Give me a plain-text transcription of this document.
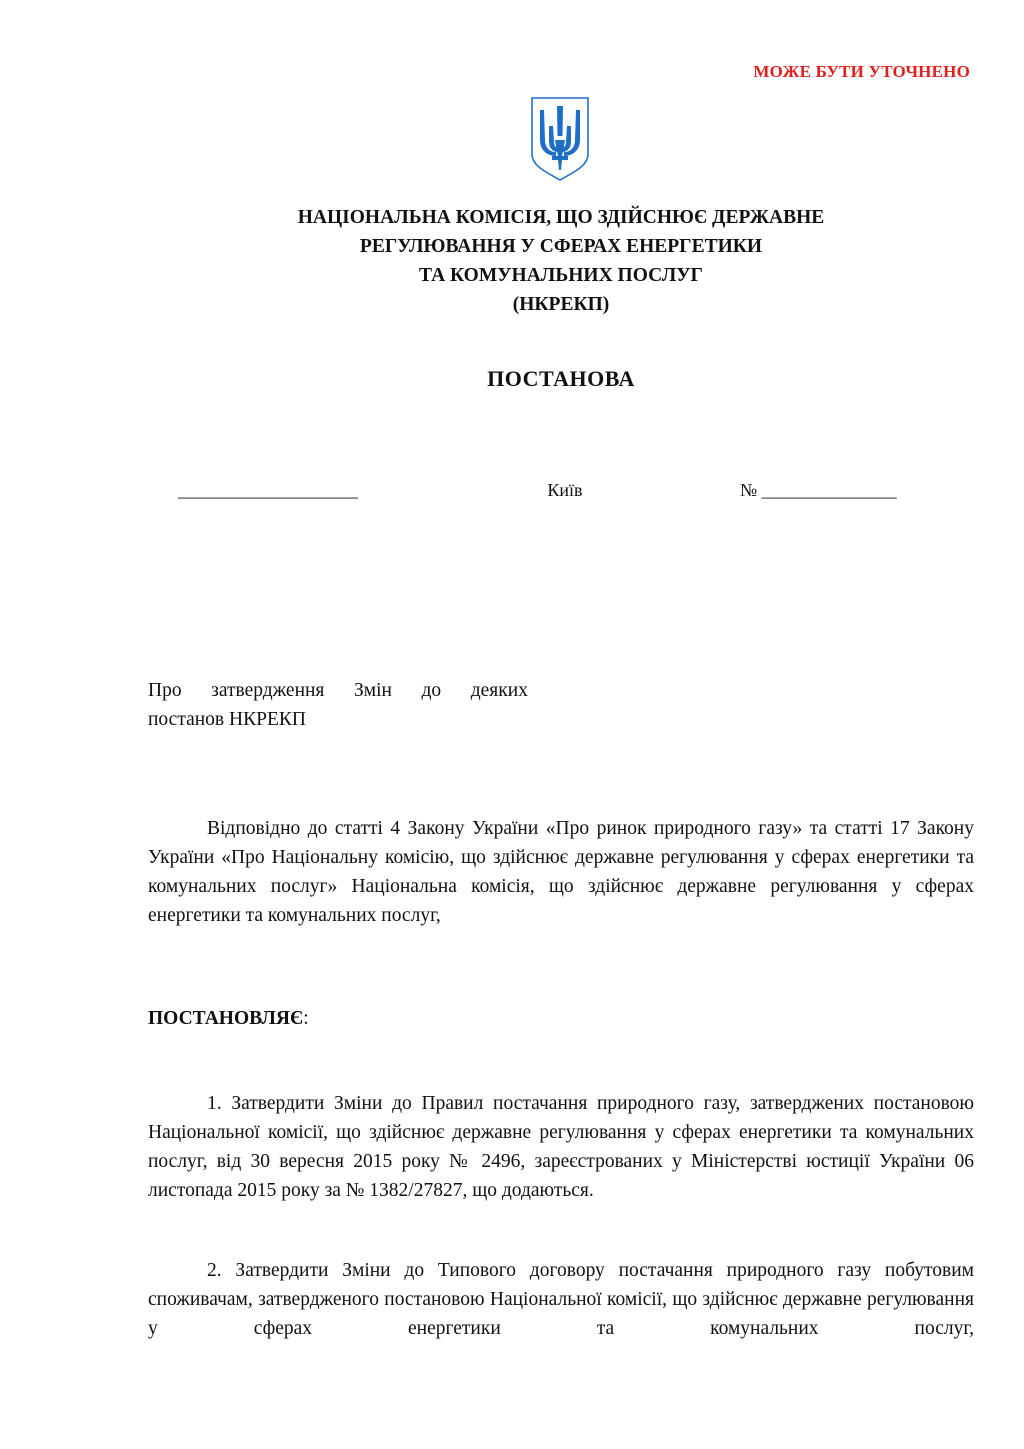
МОЖЕ БУТИ УТОЧНЕНО
НАЦІОНАЛЬНА КОМІСІЯ, ЩО ЗДІЙСНЮЄ ДЕРЖАВНЕ
РЕГУЛЮВАННЯ У СФЕРАХ ЕНЕРГЕТИКИ
ТА КОМУНАЛЬНИХ ПОСЛУГ
(НКРЕКП)
ПОСТАНОВА
____________________	Київ	№ _______________
Про затвердження Змін до деяких
постанов НКРЕКП

Відповідно до статті 4 Закону України «Про ринок природного газу» та статті 17 Закону України «Про Національну комісію, що здійснює державне регулювання у сферах енергетики та комунальних послуг» Національна комісія, що здійснює державне регулювання у сферах енергетики та комунальних послуг,

ПОСТАНОВЛЯЄ:

1. Затвердити Зміни до Правил постачання природного газу, затверджених постановою Національної комісії, що здійснює державне регулювання у сферах енергетики та комунальних послуг, від 30 вересня 2015 року № 2496, зареєстрованих у Міністерстві юстиції України 06 листопада 2015 року за № 1382/27827, що додаються.

2. Затвердити Зміни до Типового договору постачання природного газу побутовим споживачам, затвердженого постановою Національної комісії, що здійснює державне регулювання у сферах енергетики та комунальних послуг,
